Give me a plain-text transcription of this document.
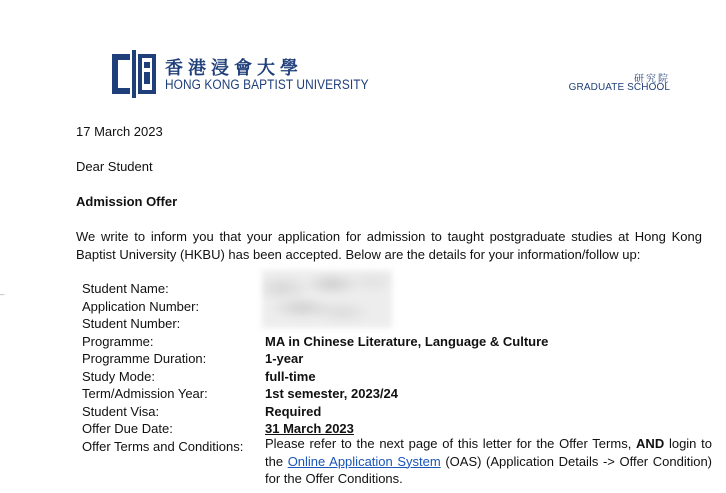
香港浸會大學
HONG KONG BAPTIST UNIVERSITY	研究院
GRADUATE SCHOOL
–
17 March 2023
Dear Student
Admission Offer
We write to inform you that your application for admission to taught postgraduate studies at Hong Kong Baptist University (HKBU) has been accepted. Below are the details for your information/follow up:
Student Name:
Application Number:
Student Number:
Programme:	MA in Chinese Literature, Language & Culture
Programme Duration:	1-year
Study Mode:	full-time
Term/Admission Year:	1st semester, 2023/24
Student Visa:	Required
Offer Due Date:	31 March 2023
Offer Terms and Conditions: Please refer to the next page of this letter for the Offer Terms, AND login to the Online Application System (OAS) (Application Details -> Offer Condition) for the Offer Conditions.
